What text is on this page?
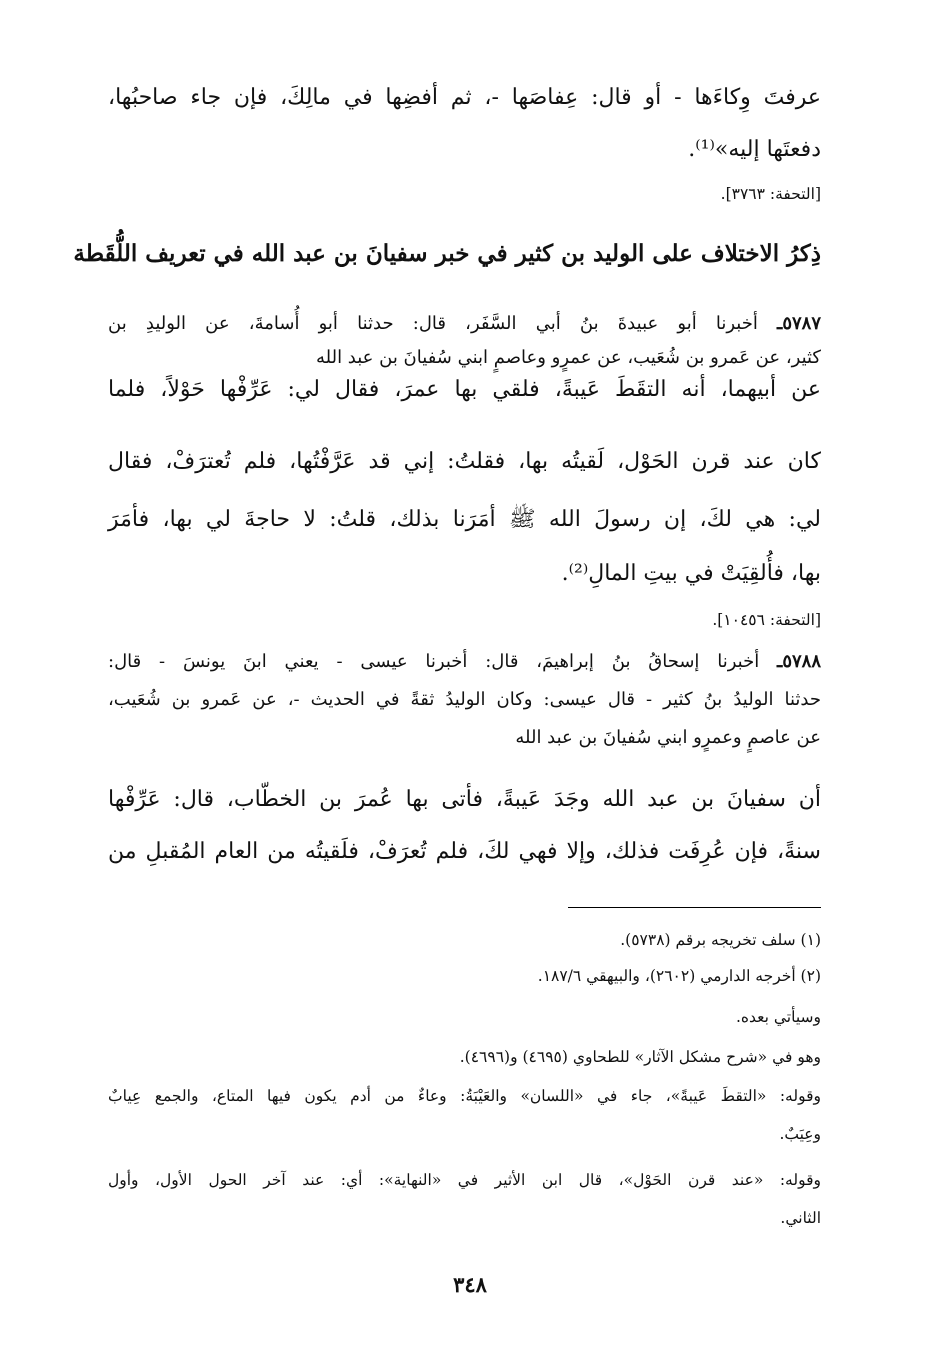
عرفتَ وِكاءَها - أو قال: عِفاصَها -، ثم أفضِها في مالِكَ، فإن جاء صاحبُها،
دفعتَها إليه»⁽¹⁾.
[التحفة: ٣٧٦٣].
ذِكرُ الاختلاف على الوليد بن كثير في خبر سفيانَ بن عبد الله في تعريف اللُّقَطة
٥٧٨٧ـ أخبرنا أبو عبيدةَ بنُ أبي السَّفَر، قال: حدثنا أبو أُسامةَ، عن الوليدِ بن
كثير، عن عَمرو بن شُعَيب، عن عمرٍو وعاصمٍ ابني سُفيانَ بن عبد الله
عن أبيهما، أنه التقَطَ عَيبةً، فلقي بها عمرَ، فقال لي: عَرِّفْها حَوْلاً، فلما
كان عند قرن الحَوْل، لَقيتُه بها، فقلتُ: إني قد عَرَّفْتُها، فلم تُعترَفْ، فقال
لي: هي لكَ، إن رسولَ الله ﷺ أمَرَنا بذلك، قلتُ: لا حاجةَ لي بها، فأمَرَ
بها، فأُلقِيَتْ في بيتِ المالِ⁽²⁾.
[التحفة: ١٠٤٥٦].
٥٧٨٨ـ أخبرنا إسحاقُ بنُ إبراهيمَ، قال: أخبرنا عيسى - يعني ابنَ يونسَ - قال:
حدثنا الوليدُ بنُ كثير - قال عيسى: وكان الوليدُ ثقةً في الحديث -، عن عَمرو بن شُعَيب،
عن عاصمٍ وعمرٍو ابني سُفيانَ بن عبد الله
أن سفيانَ بن عبد الله وجَدَ عَيبةً، فأتى بها عُمرَ بن الخطّاب، قال: عَرِّفْها
سنةً، فإن عُرِفَت فذلك، وإلا فهي لكَ، فلم تُعرَفْ، فلَقيتُه من العام المُقبلِ من
(١) سلف تخريجه برقم (٥٧٣٨).
(٢) أخرجه الدارمي (٢٦٠٢)، والبيهقي ١٨٧/٦.
وسيأتي بعده.
وهو في «شرح مشكل الآثار» للطحاوي (٤٦٩٥) و(٤٦٩٦).
وقوله: «التقطَ عَيبةً»، جاء في «اللسان» والعَيْبَةُ: وعاءٌ من أدم يكون فيها المتاع، والجمع عِيابٌ
وعِيَبٌ.
وقوله: «عند قرن الحَوْل»، قال ابن الأثير في «النهاية»: أي: عند آخر الحول الأول، وأول
الثاني.
٣٤٨
